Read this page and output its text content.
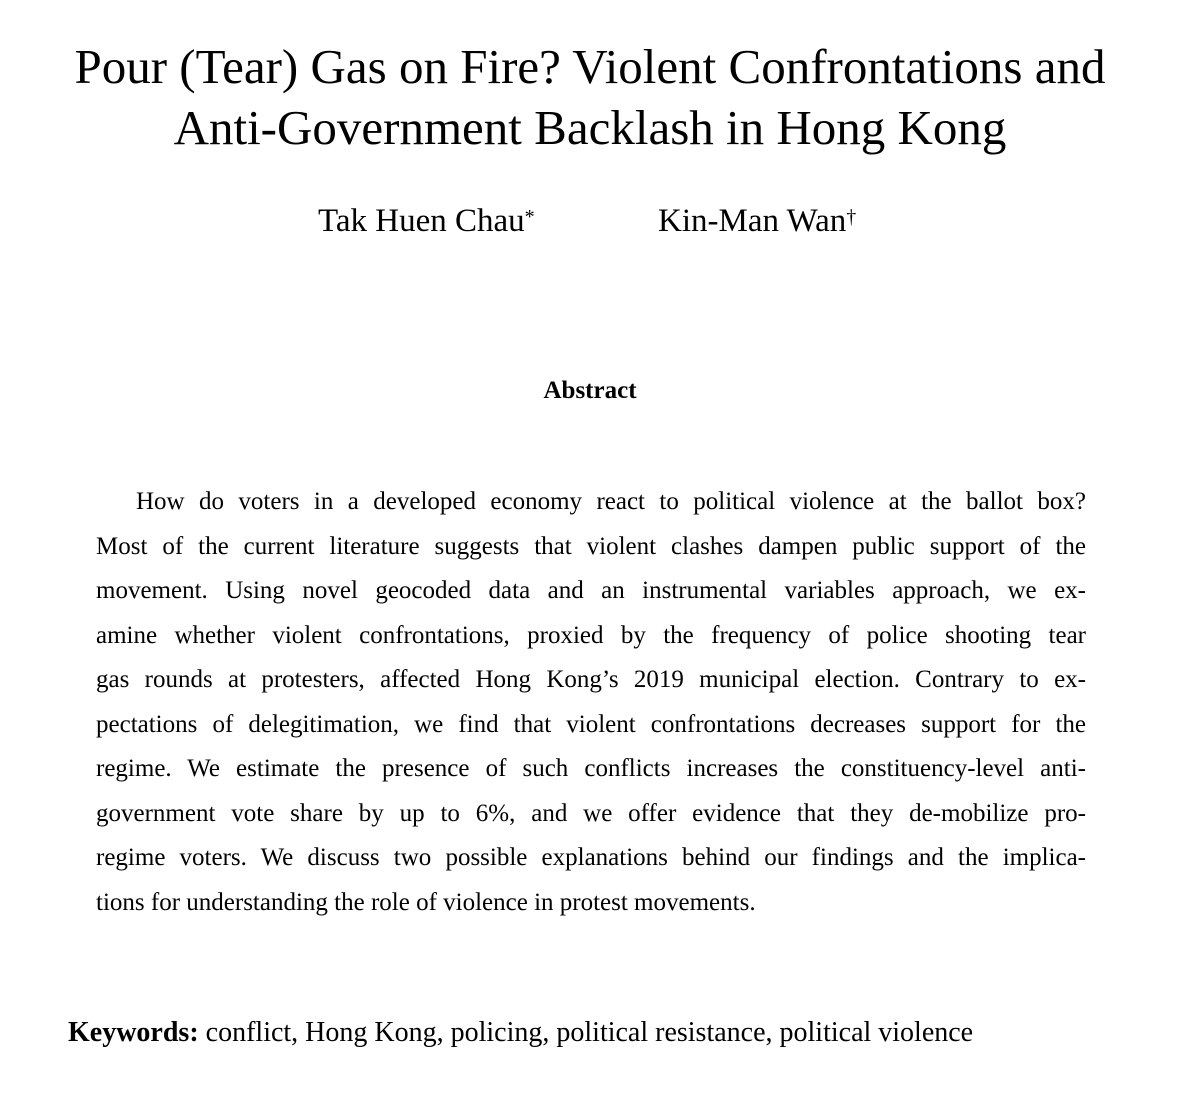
Pour (Tear) Gas on Fire? Violent Confrontations and
Anti-Government Backlash in Hong Kong
Tak Huen Chau*	Kin-Man Wan†
Abstract
How do voters in a developed economy react to political violence at the ballot box?
Most of the current literature suggests that violent clashes dampen public support of the
movement. Using novel geocoded data and an instrumental variables approach, we ex-
amine whether violent confrontations, proxied by the frequency of police shooting tear
gas rounds at protesters, affected Hong Kong’s 2019 municipal election. Contrary to ex-
pectations of delegitimation, we find that violent confrontations decreases support for the
regime. We estimate the presence of such conflicts increases the constituency-level anti-
government vote share by up to 6%, and we offer evidence that they de-mobilize pro-
regime voters. We discuss two possible explanations behind our findings and the implica-
tions for understanding the role of violence in protest movements.

Keywords: conflict, Hong Kong, policing, political resistance, political violence
